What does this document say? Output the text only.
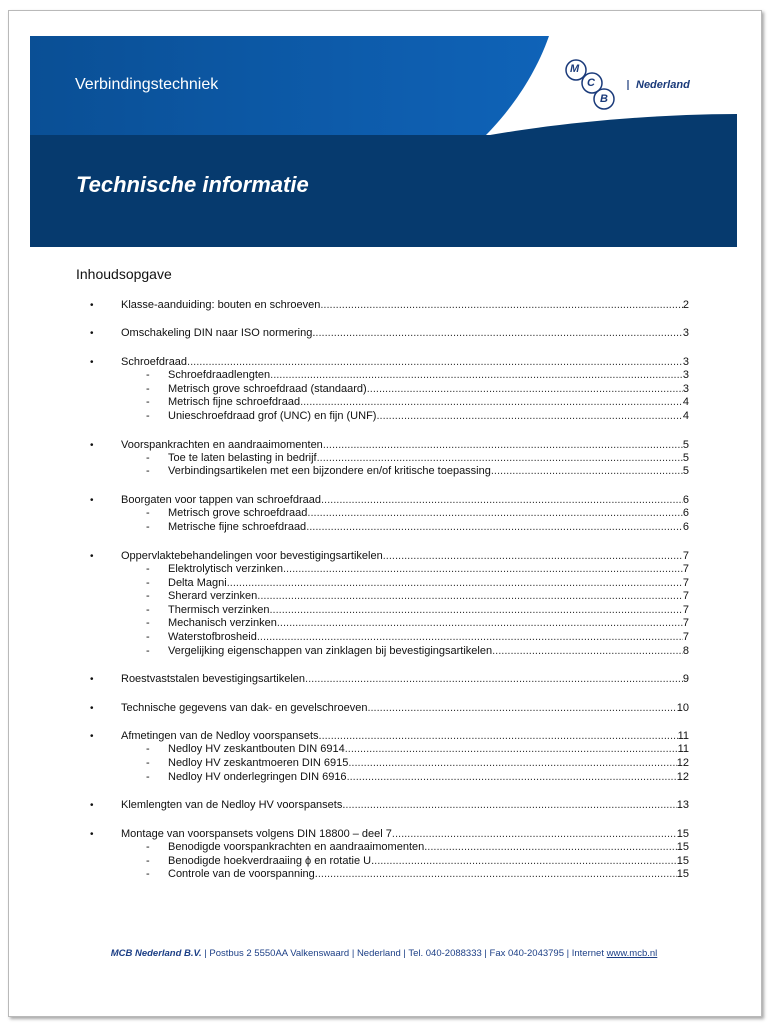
Verbindingstechniek
Technische informatie
M
C
B
Nederland
Inhoudsopgave
•	Klasse-aanduiding: bouten en schroeven .....	2
•	Omschakeling DIN naar ISO normering. .....	3
•	Schroefdraad .....	3
- Schroefdraadlengten .....	3
- Metrisch grove schroefdraad (standaard) .....	3
- Metrisch fijne schroefdraad .....	4
- Unieschroefdraad grof (UNC) en fijn (UNF) .....	4
•	Voorspankrachten en aandraaimomenten .....	5
- Toe te laten belasting in bedrijf .....	5
- Verbindingsartikelen met een bijzondere en/of kritische toepassing .....	5
•	Boorgaten voor tappen van schroefdraad .....	6
- Metrisch grove schroefdraad .....	6
- Metrische fijne schroefdraad .....	6
•	Oppervlaktebehandelingen voor bevestigingsartikelen .....	7
- Elektrolytisch verzinken .....	7
- Delta Magni .....	7
- Sherard verzinken .....	7
- Thermisch verzinken .....	7
- Mechanisch verzinken .....	7
- Waterstofbrosheid .....	7
- Vergelijking eigenschappen van zinklagen bij bevestigingsartikelen .....	8
•	Roestvaststalen bevestigingsartikelen .....	9
•	Technische gegevens van dak- en gevelschroeven .....	10
•	Afmetingen van de Nedloy voorspansets. .....	11
- Nedloy HV zeskantbouten DIN 6914 .....	11
- Nedloy HV zeskantmoeren DIN 6915 .....	12
- Nedloy HV onderlegringen DIN 6916 .....	12
•	Klemlengten van de Nedloy HV voorspansets. .....	13
•	Montage van voorspansets volgens DIN 18800 – deel 7 .....	15
- Benodigde voorspankrachten en aandraaimomenten. .....	15
- Benodigde hoekverdraaiing ϕ en rotatie U. .....	15
- Controle van de voorspanning. .....	15
MCB Nederland B.V. | Postbus 2 5550AA Valkenswaard | Nederland | Tel. 040-2088333 | Fax 040-2043795 | Internet www.mcb.nl
